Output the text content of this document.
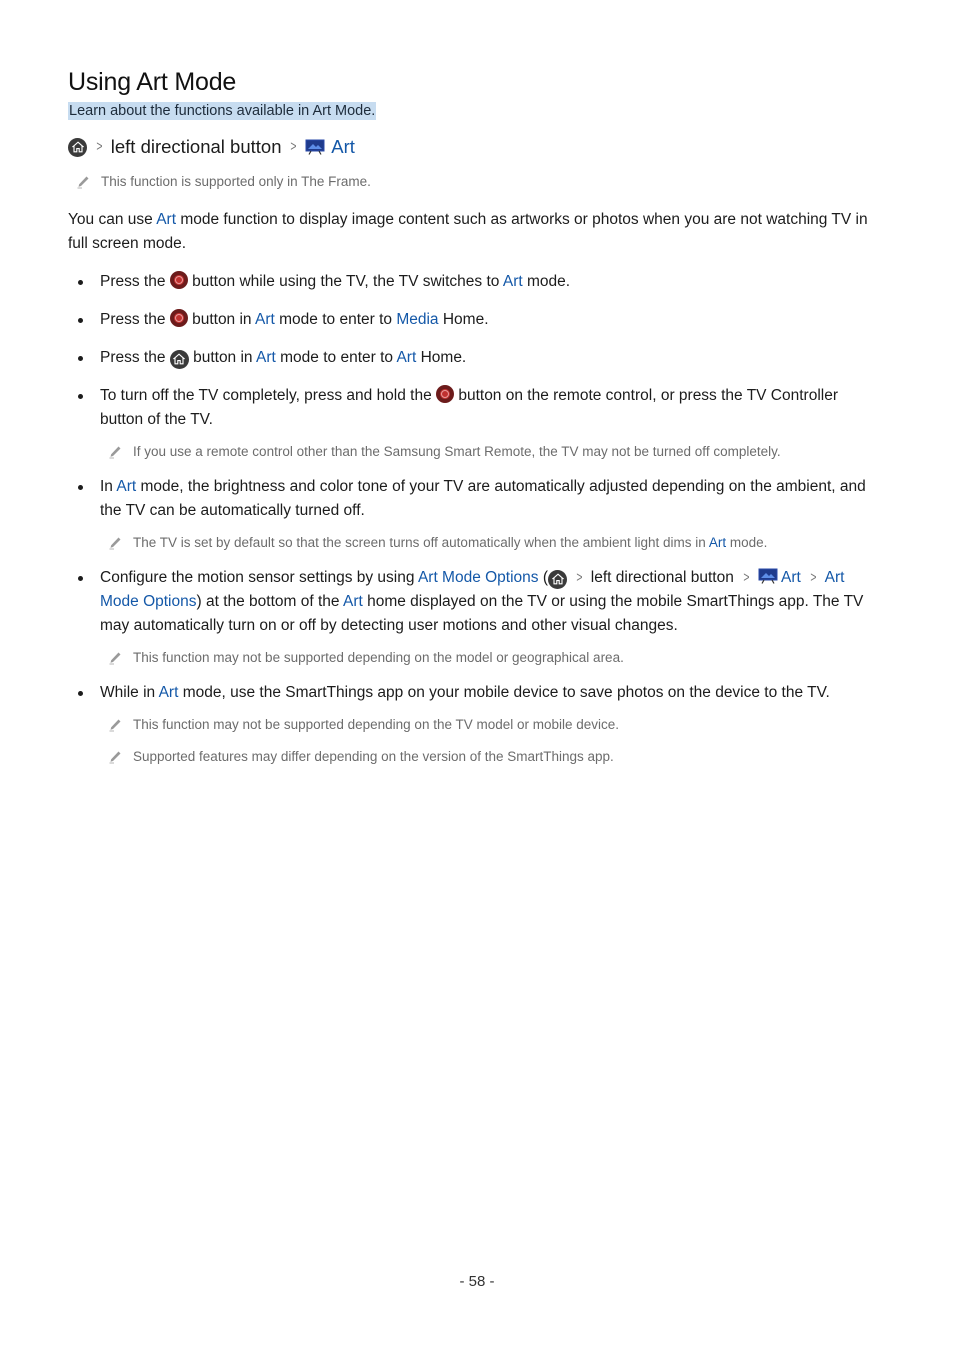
Using Art Mode
Learn about the functions available in Art Mode.
> left directional button > Art
This function is supported only in The Frame.

You can use Art mode function to display image content such as artworks or photos when you are not watching TV in full screen mode.

Press the  button while using the TV, the TV switches to Art mode.
Press the  button in Art mode to enter to Media Home.
Press the
button in Art mode to enter to Art Home.
To turn off the TV completely, press and hold the  button on the remote control, or press the TV Controller button of the TV.
If you use a remote control other than the Samsung Smart Remote, the TV may not be turned off completely.
In Art mode, the brightness and color tone of your TV are automatically adjusted depending on the ambient, and the TV can be automatically turned off.
The TV is set by default so that the screen turns off automatically when the ambient light dims in Art mode.
Configure the motion sensor settings by using Art Mode Options ( > left directional button > Art > Art Mode Options) at the bottom of the Art home displayed on the TV or using the mobile SmartThings app. The TV may automatically turn on or off by detecting user motions and other visual changes.
This function may not be supported depending on the model or geographical area.
While in Art mode, use the SmartThings app on your mobile device to save photos on the device to the TV.
This function may not be supported depending on the TV model or mobile device.
Supported features may differ depending on the version of the SmartThings app.
- 58 -
